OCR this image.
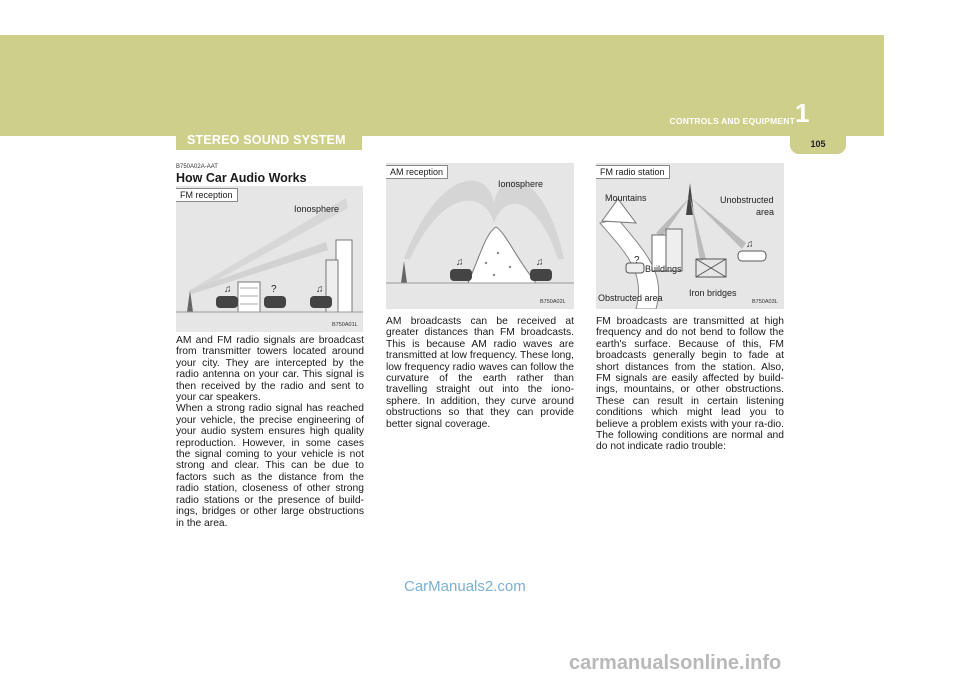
1
CONTROLS AND EQUIPMENT
105
STEREO SOUND SYSTEM
B750A02A-AAT
How Car Audio Works
♫	♫
FM reception
Ionosphere
?
B750A01L

AM and FM radio signals are broadcast from transmitter towers located around your city. They are intercepted by the radio antenna on your car. This signal is then received by the radio and sent to your car speakers.

When a strong radio signal has reached your vehicle, the precise engineering of your audio system ensures high quality reproduction. However, in some cases the signal coming to your vehicle is not strong and clear. This can be due to factors such as the distance from the radio station, closeness of other strong radio stations or the presence of build-ings, bridges or other large obstructions in the area.

♫	♫
AM reception
Ionosphere
B750A02L
AM broadcasts can be received at greater distances than FM broadcasts. This is because AM radio waves are transmitted at low frequency. These long, low frequency radio waves can follow the curvature of the earth rather than travelling straight out into the iono-sphere. In addition, they curve around obstructions so that they can provide better signal coverage.
♫
FM radio station
Mountains	Unobstructed
area
Buildings
?
Iron bridges
Obstructed area	B750A03L
FM broadcasts are transmitted at high frequency and do not bend to follow the earth's surface. Because of this, FM broadcasts generally begin to fade at short distances from the station. Also, FM signals are easily affected by build-ings, mountains, or other obstructions. These can result in certain listening conditions which might lead you to believe a problem exists with your ra-dio. The following conditions are normal and do not indicate radio trouble:
CarManuals2.com
carmanualsonline.info
